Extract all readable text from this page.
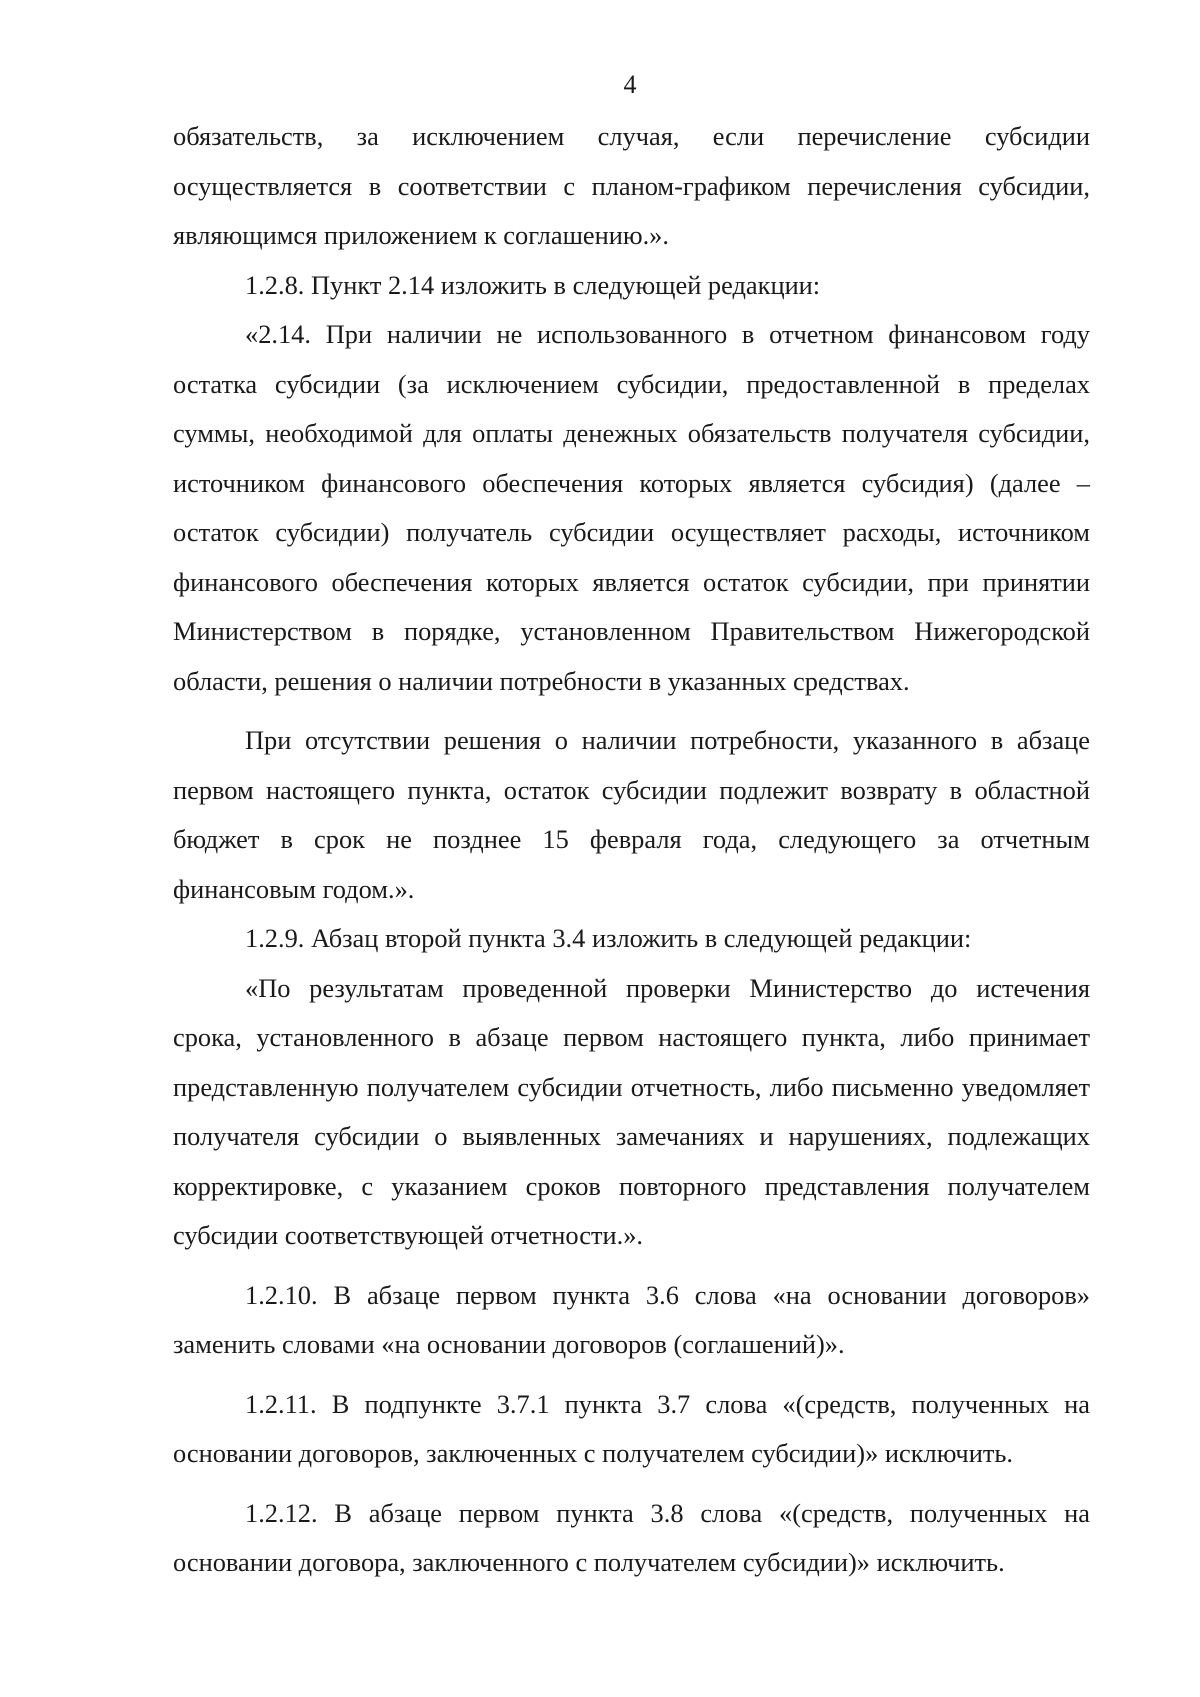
4

обязательств, за исключением случая, если перечисление субсидии осуществляется в соответствии с планом-графиком перечисления субсидии, являющимся приложением к соглашению.».

1.2.8. Пункт 2.14 изложить в следующей редакции:

«2.14. При наличии не использованного в отчетном финансовом году остатка субсидии (за исключением субсидии, предоставленной в пределах суммы, необходимой для оплаты денежных обязательств получателя субсидии, источником финансового обеспечения которых является субсидия) (далее – остаток субсидии) получатель субсидии осуществляет расходы, источником финансового обеспечения которых является остаток субсидии, при принятии Министерством в порядке, установленном Правительством Нижегородской области, решения о наличии потребности в указанных средствах.

При отсутствии решения о наличии потребности, указанного в абзаце первом настоящего пункта, остаток субсидии подлежит возврату в областной бюджет в срок не позднее 15 февраля года, следующего за отчетным финансовым годом.».

1.2.9. Абзац второй пункта 3.4 изложить в следующей редакции:

«По результатам проведенной проверки Министерство до истечения срока, установленного в абзаце первом настоящего пункта, либо принимает представленную получателем субсидии отчетность, либо письменно уведомляет получателя субсидии о выявленных замечаниях и нарушениях, подлежащих корректировке, с указанием сроков повторного представления получателем субсидии соответствующей отчетности.».

1.2.10. В абзаце первом пункта 3.6 слова «на основании договоров» заменить словами «на основании договоров (соглашений)».

1.2.11. В подпункте 3.7.1 пункта 3.7 слова «(средств, полученных на основании договоров, заключенных с получателем субсидии)» исключить.

1.2.12. В абзаце первом пункта 3.8 слова «(средств, полученных на основании договора, заключенного с получателем субсидии)» исключить.
